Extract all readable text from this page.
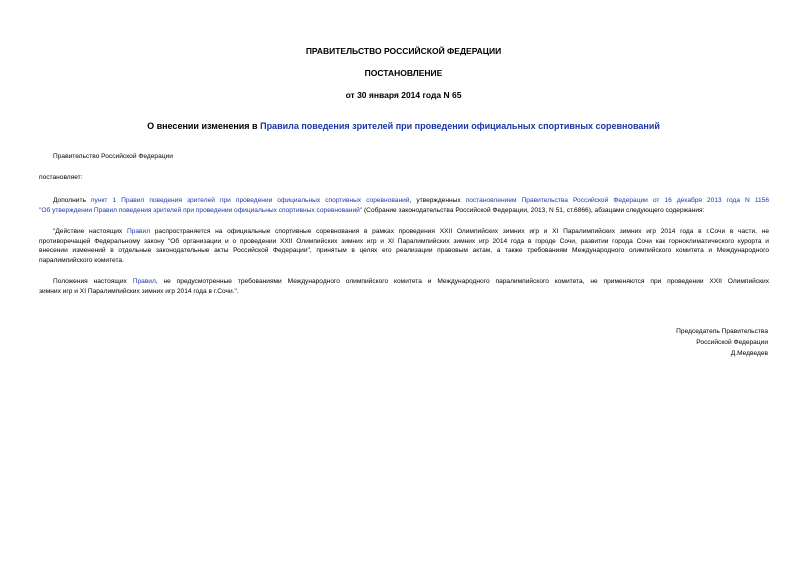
ПРАВИТЕЛЬСТВО РОССИЙСКОЙ ФЕДЕРАЦИИ
ПОСТАНОВЛЕНИЕ
от 30 января 2014 года N 65
О внесении изменения в Правила поведения зрителей при проведении официальных спортивных соревнований
Правительство Российской Федерации
постановляет:
Дополнить пункт 1 Правил поведения зрителей при проведении официальных спортивных соревнований, утвержденных постановлением Правительства Российской Федерации от 16 декабря 2013 года N 1156
"Об утверждении Правил поведения зрителей при проведении официальных спортивных соревнований" (Собрание законодательства Российской Федерации, 2013, N 51, ст.6866), абзацами следующего содержания:
"Действие настоящих Правил распространяется на официальные спортивные соревнования в рамках проведения XXII Олимпийских зимних игр и XI Паралимпийских зимних игр 2014 года в г.Сочи в части, не
противоречащей Федеральному закону "Об организации и о проведении XXII Олимпийских зимних игр и XI Паралимпийских зимних игр 2014 года в городе Сочи, развитии города Сочи как горноклиматического курорта и
внесении изменений в отдельные законодательные акты Российской Федерации", принятым в целях его реализации правовым актам, а также требованиям Международного олимпийского комитета и Международного
паралимпийского комитета.
Положения настоящих Правил, не предусмотренные требованиями Международного олимпийского комитета и Международного паралимпийского комитета, не применяются при проведении XXII Олимпийских
зимних игр и XI Паралимпийских зимних игр 2014 года в г.Сочи.".
Председатель Правительства
Российской Федерации
Д.Медведев
